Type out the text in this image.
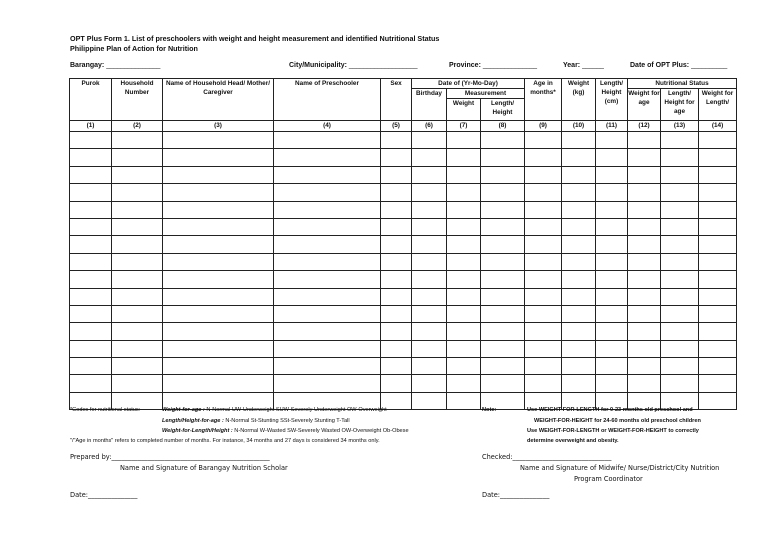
OPT Plus Form 1. List of preschoolers with weight and height measurement and identified Nutritional Status
Philippine Plan of Action for Nutrition
Barangay: _______________	City/Municipality: ___________________	Province: _______________	Year: ______	Date of OPT Plus: __________
Purok	Household Number	Name of Household Head/ Mother/ Caregiver	Name of Preschooler	Sex	Date of (Yr-Mo-Day)			Age in months*	Weight (kg)	Length/ Height (cm)	Nutritional Status		
					Birthday	Measurement					Weight for age	Length/ Height for age	Weight for Length/
						Weight	Length/ Height						
(1)	(2)	(3)	(4)	(5)	(6)	(7)	(8)	(9)	(10)	(11)	(12)	(13)	(14)

*Codes for nutritional status:	Weight-for-age : N-Normal UW-Underweight SUW-Severely Underweight OW-Overweight
Length/Height-for-age : N-Normal St-Stunting SSt-Severely Stunting T-Tall
Weight-for-Length/Height : N-Normal W-Wasted SW-Severely Wasted OW-Overweight Ob-Obese
"/"Age in months" refers to completed number of months. For instance, 34 months and 27 days is considered 34 months only.
Note:	Use WEIGHT-FOR-LENGTH for 0-23 months old preschool and
WEIGHT-FOR-HEIGHT for 24-60 months old preschool children
Use WEIGHT-FOR-LENGTH or WEIGHT-FOR-HEIGHT to correctly
determine overweight and obesity.
Prepared by:________________________________________________
Name and Signature of Barangay Nutrition Scholar
Checked:______________________________
Name and Signature of Midwife/ Nurse/District/City Nutrition
Program Coordinator
Date:_______________	Date:_______________
